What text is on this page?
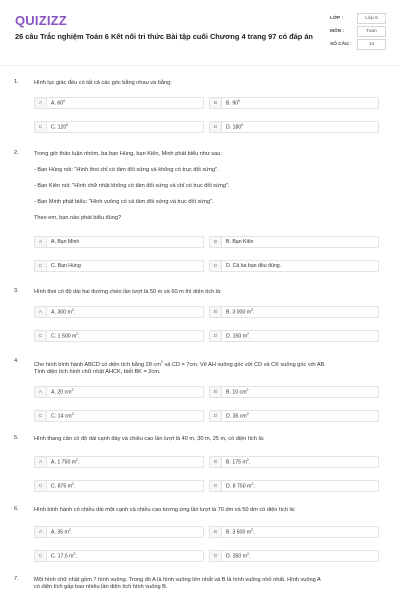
QUIZIZZ
26 câu Trắc nghiệm Toán 6 Kết nối tri thức Bài tập cuối Chương 4 trang 97 có đáp án
LỚP :	Lớp 6
MÔN :	Toán
SỐ CÂU :	14
1.	Hình lục giác đều có tất cả các góc bằng nhau và bằng:
A	A. $60^0$	B	B. $90^0$
C	C. $120^0$	D	D. $180^0$
2.	Trong giờ thảo luận nhóm, ba bạn Hùng, bạn Kiên, Minh phát biểu như sau:
- Bạn Hùng nói: "Hình thoi chỉ có tâm đối xứng và không có trục đối xứng".
- Bạn Kiên nói: "Hình chữ nhật không có tâm đối xứng và chỉ có trục đối xứng".
- Bạn Minh phát biểu: "Hình vuông có cả tâm đối xứng và trục đối xứng".
Theo em, bạn nào phát biểu đúng?
A	A. Bạn Minh	B	B. Bạn Kiên
C	C. Bạn Hùng	D	D. Cả ba bạn đều đúng.
3.	Hình thoi có độ dài hai đường chéo lần lượt là 50 m và 60 m thì diện tích là:
A	A. 300 $m^2$.	B	B. 3 000 $m^2$.
C	C. 1 500 $m^2$.	D	D. 150 $m^2$.
4.
Cho hình bình hành ABCD có diện tích bằng 28 $cm^2$ và CD = 7cm. Vẽ AH vuông góc với CD và CK vuông góc với AB.
Tính diện tích hình chữ nhật AHCK, biết BK = 2cm.
A	A. 20 $cm^2$	B	B. 10 $cm^2$
C	C. 14 $cm^2$	D	D. 35 $cm^2$
5.	Hình thang cân có độ dài cạnh đáy và chiều cao lần lượt là 40 m, 30 m, 25 m, có diện tích là:
A	A. 1 750 $m^2$.	B	B. 175 $m^2$.
C	C. 875 $m^2$.	D	D. 8 750 $m^2$.
6.	Hình bình hành có chiều dài một cạnh và chiều cao tương ứng lần lượt là 70 dm và 50 dm có diện tích là:
A	A. 35 $m^2$.	B	B. 3 500 $m^2$.
C	C. 17,5 $m^2$.	D	D. 350 $m^2$.
7.	Một hình chữ nhật gồm 7 hình vuông. Trong đó A là hình vuông lớn nhất và B là hình vuông nhỏ nhất. Hình vuông A
có diện tích gấp bao nhiêu lần diện tích hình vuông B.
